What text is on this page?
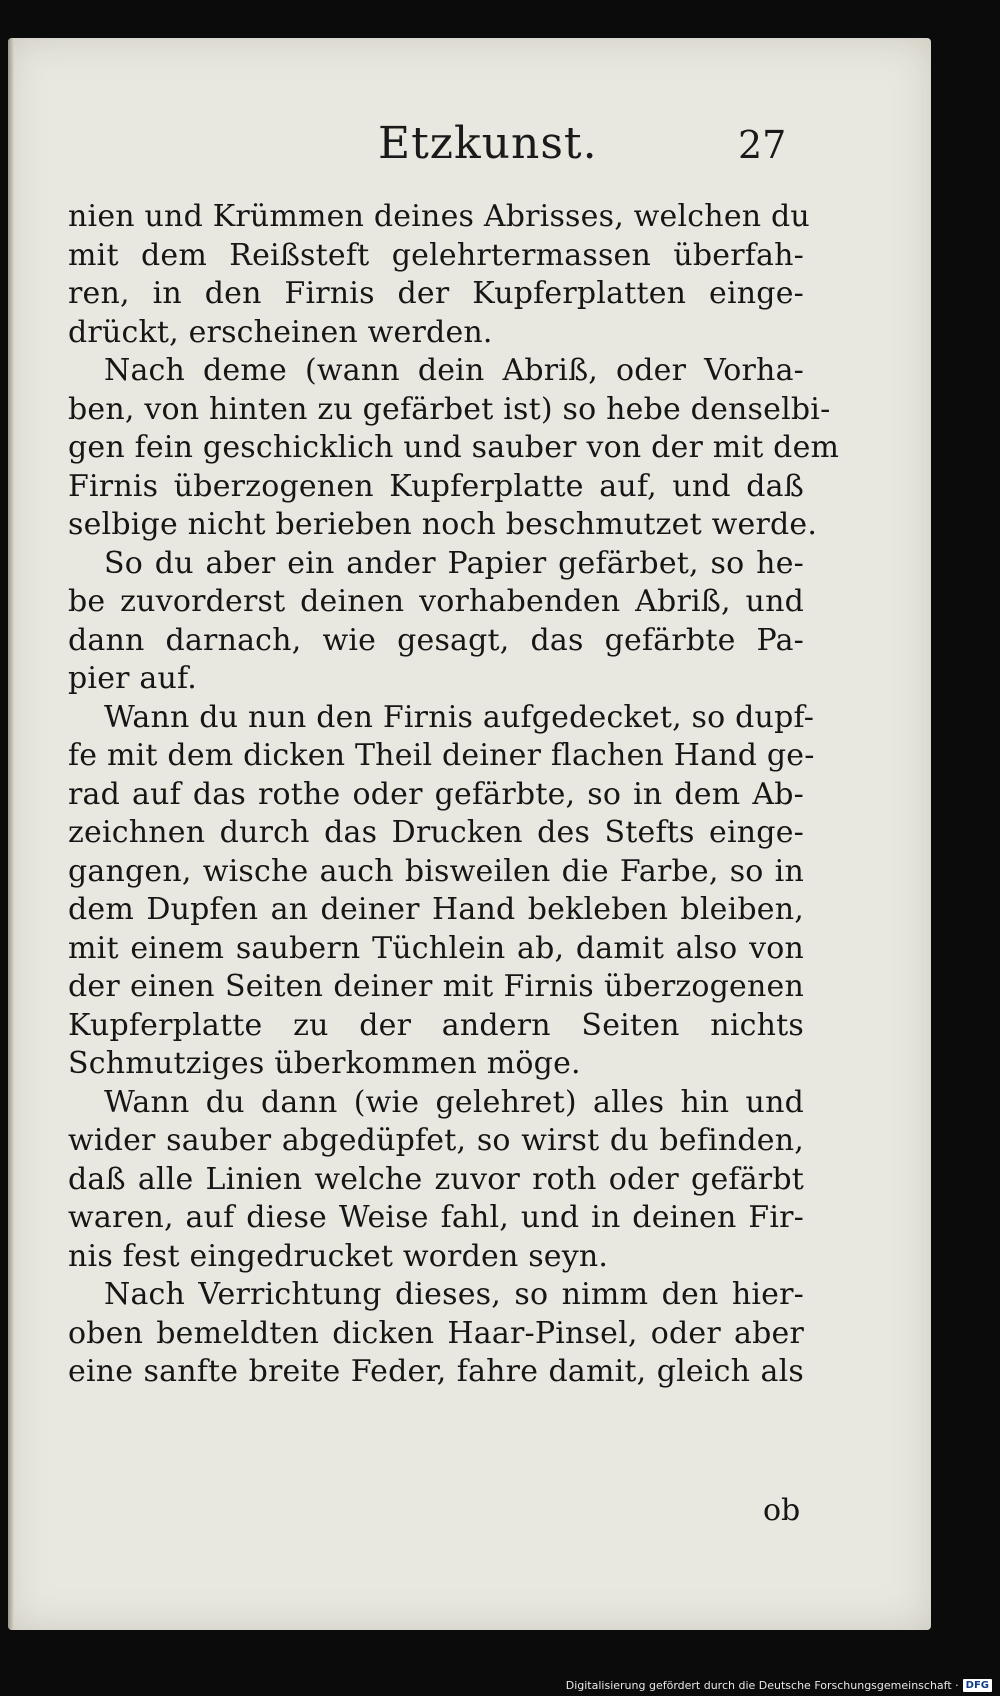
Etzkunst.	27
nien und Krümmen deines Abrisses, welchen du
mit dem Reißsteft gelehrtermassen überfah-
ren, in den Firnis der Kupferplatten einge-
drückt, erscheinen werden.
Nach deme (wann dein Abriß, oder Vorha-
ben, von hinten zu gefärbet ist) so hebe denselbi-
gen fein geschicklich und sauber von der mit dem
Firnis überzogenen Kupferplatte auf, und daß
selbige nicht berieben noch beschmutzet werde.
So du aber ein ander Papier gefärbet, so he-
be zuvorderst deinen vorhabenden Abriß, und
dann darnach, wie gesagt, das gefärbte Pa-
pier auf.
Wann du nun den Firnis aufgedecket, so dupf-
fe mit dem dicken Theil deiner flachen Hand ge-
rad auf das rothe oder gefärbte, so in dem Ab-
zeichnen durch das Drucken des Stefts einge-
gangen, wische auch bisweilen die Farbe, so in
dem Dupfen an deiner Hand bekleben bleiben,
mit einem saubern Tüchlein ab, damit also von
der einen Seiten deiner mit Firnis überzogenen
Kupferplatte zu der andern Seiten nichts
Schmutziges überkommen möge.
Wann du dann (wie gelehret) alles hin und
wider sauber abgedüpfet, so wirst du befinden,
daß alle Linien welche zuvor roth oder gefärbt
waren, auf diese Weise fahl, und in deinen Fir-
nis fest eingedrucket worden seyn.
Nach Verrichtung dieses, so nimm den hier-
oben bemeldten dicken Haar-Pinsel, oder aber
eine sanfte breite Feder, fahre damit, gleich als
ob
Digitalisierung gefördert durch die Deutsche Forschungsgemeinschaft · DFG
